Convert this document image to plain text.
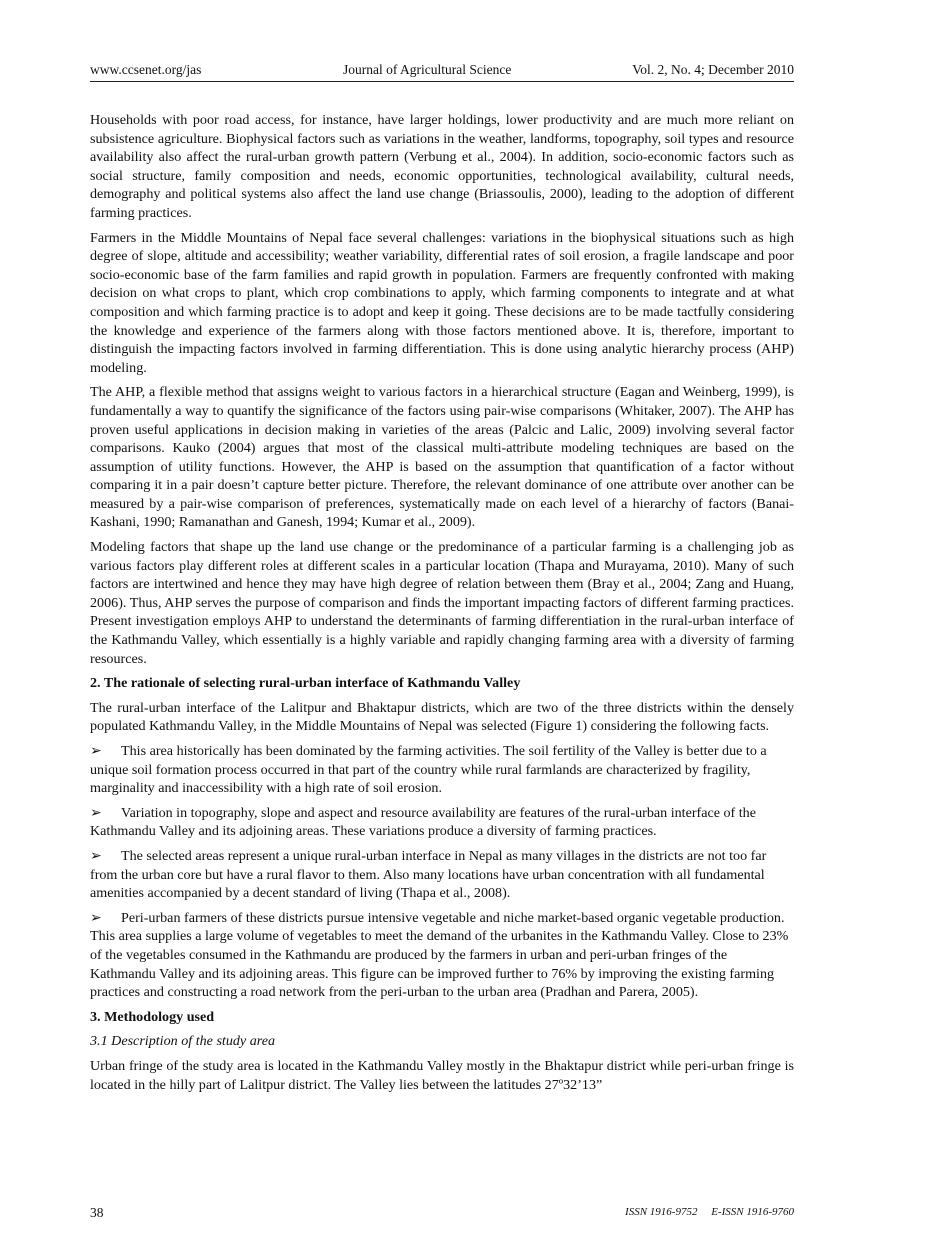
www.ccsenet.org/jas	Journal of Agricultural Science	Vol. 2, No. 4; December 2010

Households with poor road access, for instance, have larger holdings, lower productivity and are much more reliant on subsistence agriculture. Biophysical factors such as variations in the weather, landforms, topography, soil types and resource availability also affect the rural-urban growth pattern (Verbung et al., 2004). In addition, socio-economic factors such as social structure, family composition and needs, economic opportunities, technological availability, cultural needs, demography and political systems also affect the land use change (Briassoulis, 2000), leading to the adoption of different farming practices.

Farmers in the Middle Mountains of Nepal face several challenges: variations in the biophysical situations such as high degree of slope, altitude and accessibility; weather variability, differential rates of soil erosion, a fragile landscape and poor socio-economic base of the farm families and rapid growth in population. Farmers are frequently confronted with making decision on what crops to plant, which crop combinations to apply, which farming components to integrate and at what composition and which farming practice is to adopt and keep it going. These decisions are to be made tactfully considering the knowledge and experience of the farmers along with those factors mentioned above. It is, therefore, important to distinguish the impacting factors involved in farming differentiation. This is done using analytic hierarchy process (AHP) modeling.

The AHP, a flexible method that assigns weight to various factors in a hierarchical structure (Eagan and Weinberg, 1999), is fundamentally a way to quantify the significance of the factors using pair-wise comparisons (Whitaker, 2007). The AHP has proven useful applications in decision making in varieties of the areas (Palcic and Lalic, 2009) involving several factor comparisons. Kauko (2004) argues that most of the classical multi-attribute modeling techniques are based on the assumption of utility functions. However, the AHP is based on the assumption that quantification of a factor without comparing it in a pair doesn’t capture better picture. Therefore, the relevant dominance of one attribute over another can be measured by a pair-wise comparison of preferences, systematically made on each level of a hierarchy of factors (Banai-Kashani, 1990; Ramanathan and Ganesh, 1994; Kumar et al., 2009).

Modeling factors that shape up the land use change or the predominance of a particular farming is a challenging job as various factors play different roles at different scales in a particular location (Thapa and Murayama, 2010). Many of such factors are intertwined and hence they may have high degree of relation between them (Bray et al., 2004; Zang and Huang, 2006). Thus, AHP serves the purpose of comparison and finds the important impacting factors of different farming practices. Present investigation employs AHP to understand the determinants of farming differentiation in the rural-urban interface of the Kathmandu Valley, which essentially is a highly variable and rapidly changing farming area with a diversity of farming resources.

2. The rationale of selecting rural-urban interface of Kathmandu Valley

The rural-urban interface of the Lalitpur and Bhaktapur districts, which are two of the three districts within the densely populated Kathmandu Valley, in the Middle Mountains of Nepal was selected (Figure 1) considering the following facts.

➢ This area historically has been dominated by the farming activities. The soil fertility of the Valley is better due to a unique soil formation process occurred in that part of the country while rural farmlands are characterized by fragility, marginality and inaccessibility with a high rate of soil erosion.
➢ Variation in topography, slope and aspect and resource availability are features of the rural-urban interface of the Kathmandu Valley and its adjoining areas. These variations produce a diversity of farming practices.
➢ The selected areas represent a unique rural-urban interface in Nepal as many villages in the districts are not too far from the urban core but have a rural flavor to them. Also many locations have urban concentration with all fundamental amenities accompanied by a decent standard of living (Thapa et al., 2008).
➢ Peri-urban farmers of these districts pursue intensive vegetable and niche market-based organic vegetable production. This area supplies a large volume of vegetables to meet the demand of the urbanites in the Kathmandu Valley. Close to 23% of the vegetables consumed in the Kathmandu are produced by the farmers in urban and peri-urban fringes of the Kathmandu Valley and its adjoining areas. This figure can be improved further to 76% by improving the existing farming practices and constructing a road network from the peri-urban to the urban area (Pradhan and Parera, 2005).
3. Methodology used
3.1 Description of the study area

Urban fringe of the study area is located in the Kathmandu Valley mostly in the Bhaktapur district while peri-urban fringe is located in the hilly part of Lalitpur district. The Valley lies between the latitudes 27º32’13”

38	ISSN 1916-9752     E-ISSN 1916-9760
